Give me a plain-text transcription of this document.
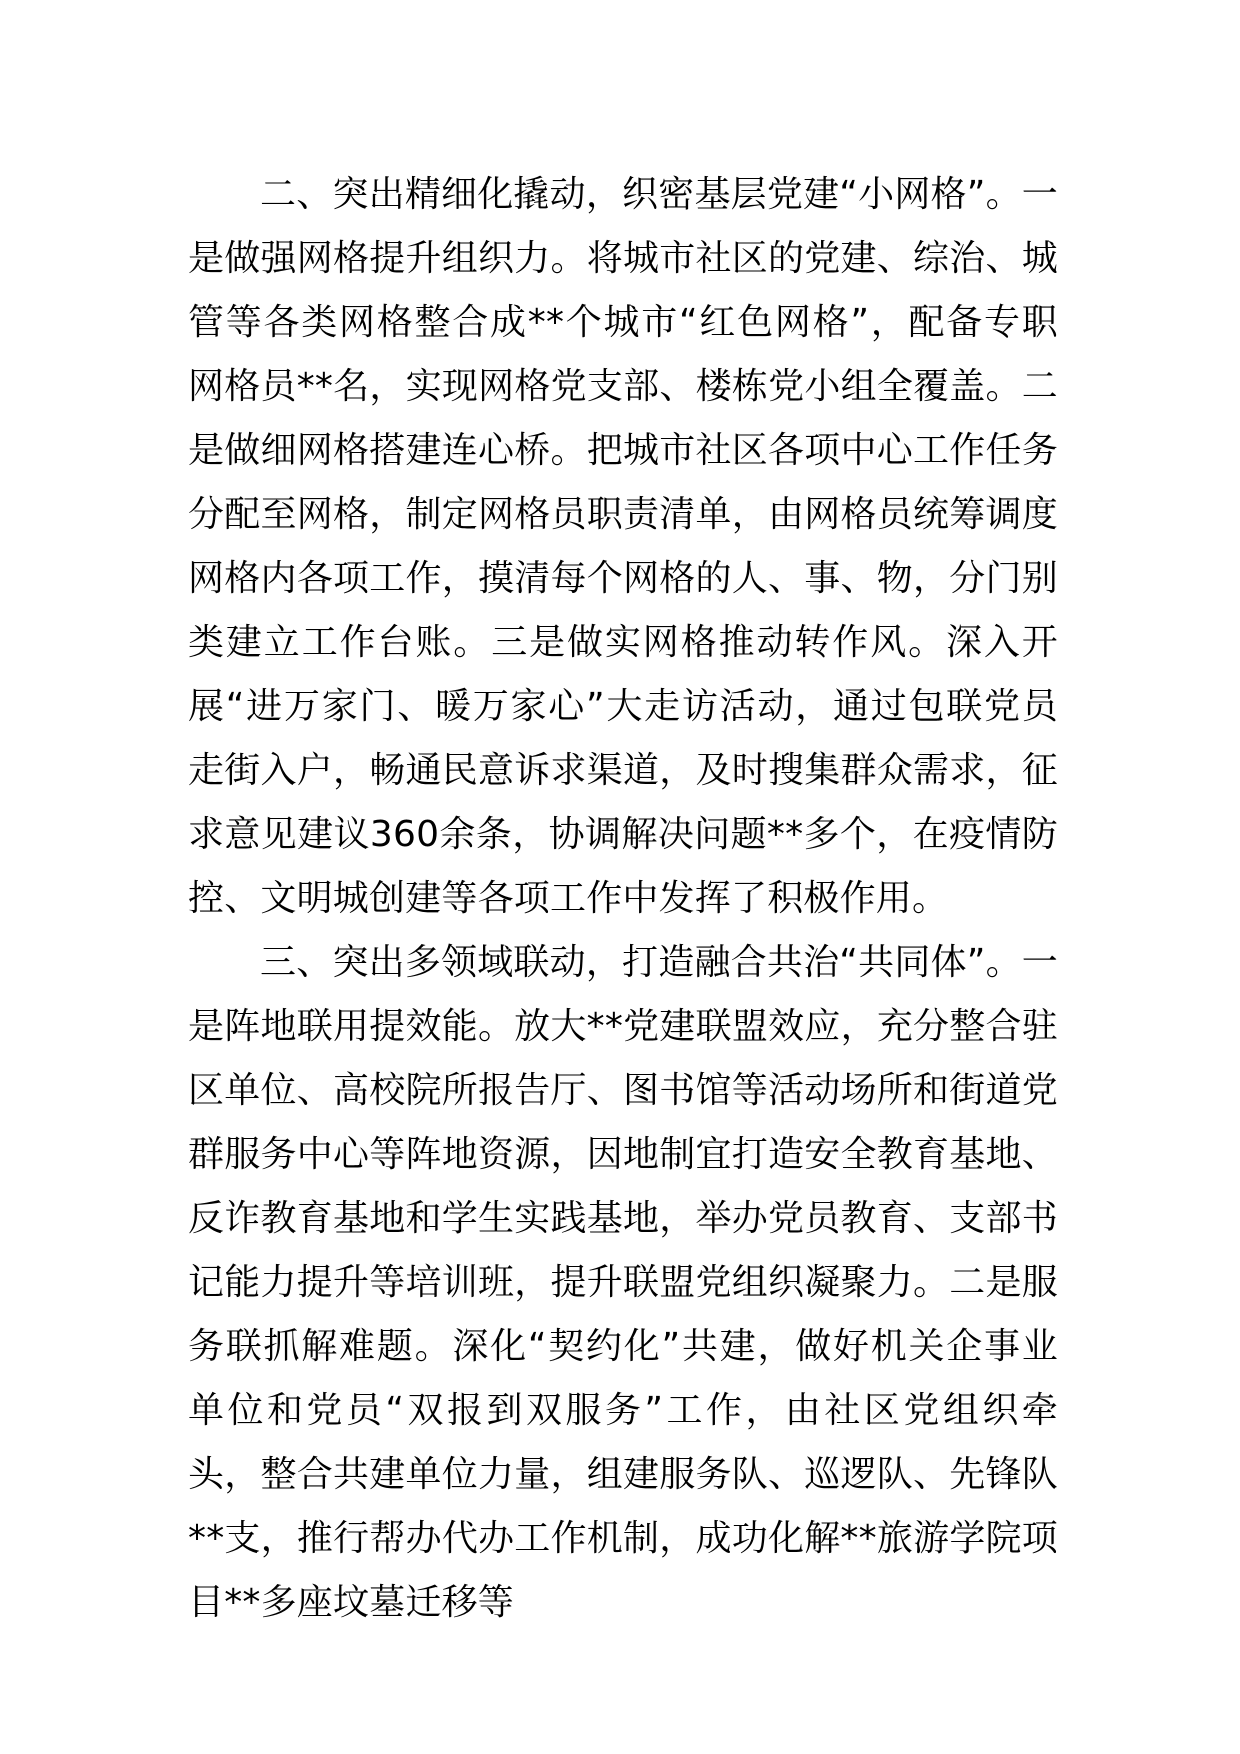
二、突出精细化撬动，织密基层党建“小网格”。一是做强网格提升组织力。将城市社区的党建、综治、城管等各类网格整合成**个城市“红色网格”，配备专职网格员**名，实现网格党支部、楼栋党小组全覆盖。二是做细网格搭建连心桥。把城市社区各项中心工作任务分配至网格，制定网格员职责清单，由网格员统筹调度网格内各项工作，摸清每个网格的人、事、物，分门别类建立工作台账。三是做实网格推动转作风。深入开展“进万家门、暖万家心”大走访活动，通过包联党员走街入户，畅通民意诉求渠道，及时搜集群众需求，征求意见建议360余条，协调解决问题**多个，在疫情防控、文明城创建等各项工作中发挥了积极作用。

三、突出多领域联动，打造融合共治“共同体”。一是阵地联用提效能。放大**党建联盟效应，充分整合驻区单位、高校院所报告厅、图书馆等活动场所和街道党群服务中心等阵地资源，因地制宜打造安全教育基地、反诈教育基地和学生实践基地，举办党员教育、支部书记能力提升等培训班，提升联盟党组织凝聚力。二是服务联抓解难题。深化“契约化”共建，做好机关企事业单位和党员“双报到双服务”工作，由社区党组织牵头，整合共建单位力量，组建服务队、巡逻队、先锋队**支，推行帮办代办工作机制，成功化解**旅游学院项目**多座坟墓迁移等
